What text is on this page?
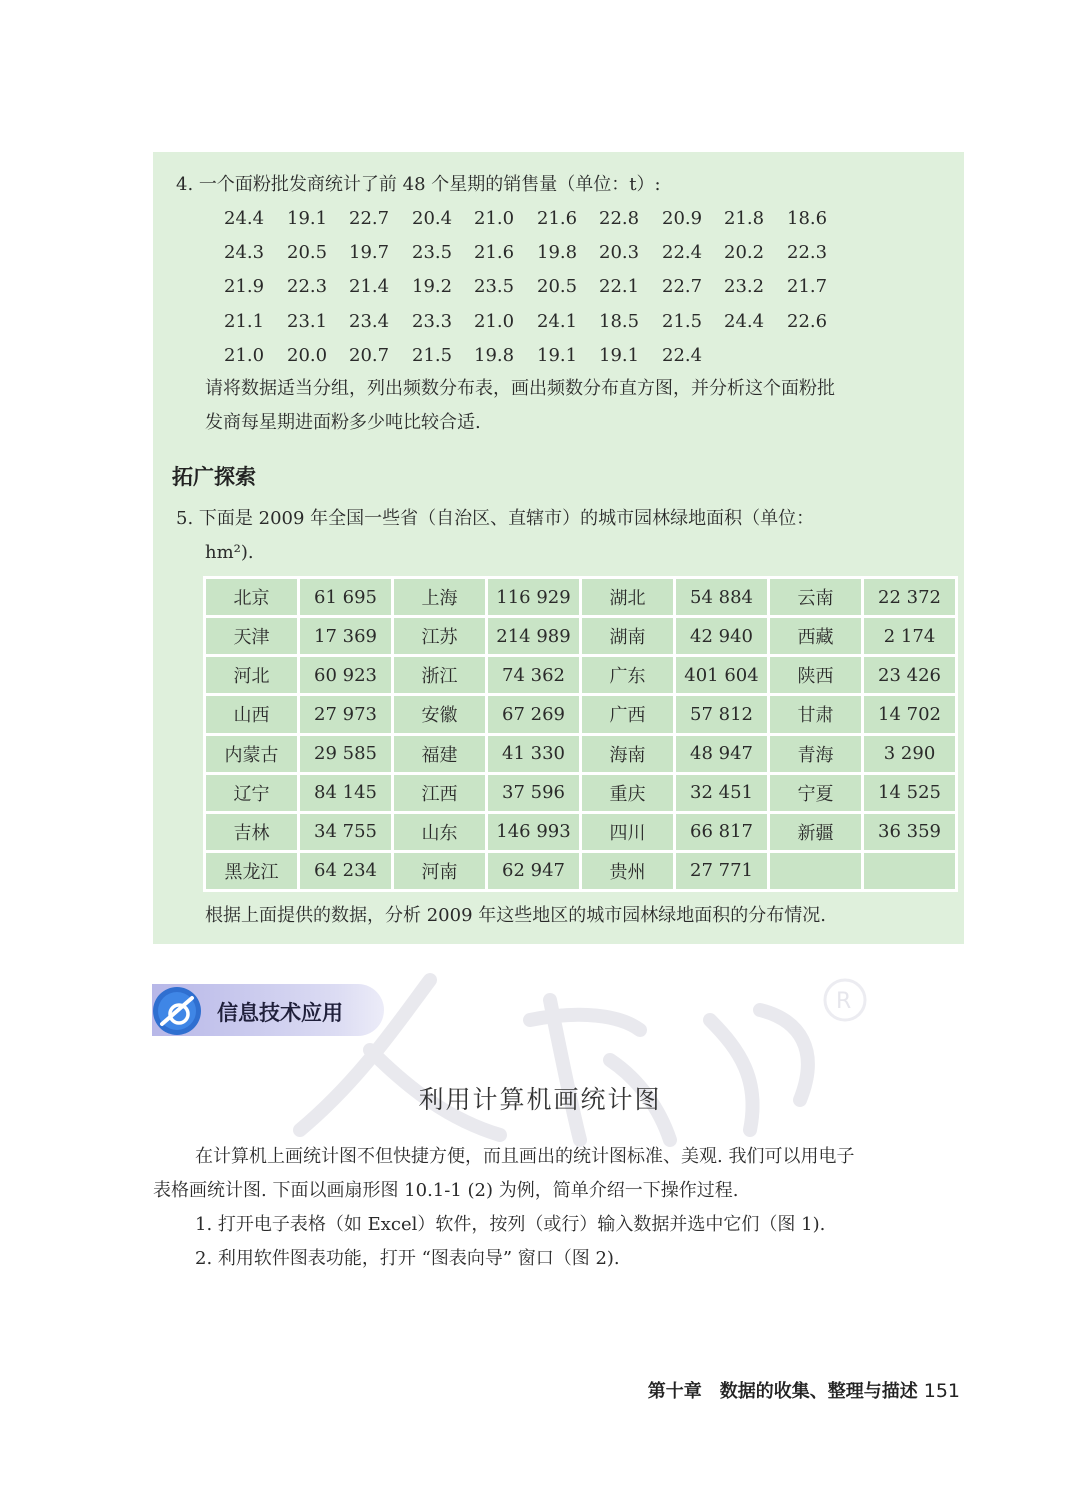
4. 一个面粉批发商统计了前 48 个星期的销售量（单位：t）:
24.4 19.1 22.7 20.4 21.0 21.6 22.8 20.9 21.8 18.6
24.3 20.5 19.7 23.5 21.6 19.8 20.3 22.4 20.2 22.3
21.9 22.3 21.4 19.2 23.5 20.5 22.1 22.7 23.2 21.7
21.1 23.1 23.4 23.3 21.0 24.1 18.5 21.5 24.4 22.6
21.0 20.0 20.7 21.5 19.8 19.1 19.1 22.4
请将数据适当分组，列出频数分布表，画出频数分布直方图，并分析这个面粉批
发商每星期进面粉多少吨比较合适.
拓广探索
5. 下面是 2009 年全国一些省（自治区、直辖市）的城市园林绿地面积（单位：
hm²).
北京	61 695	上海	116 929	湖北	54 884	云南	22 372
天津	17 369	江苏	214 989	湖南	42 940	西藏	2 174
河北	60 923	浙江	74 362	广东	401 604	陕西	23 426
山西	27 973	安徽	67 269	广西	57 812	甘肃	14 702
内蒙古	29 585	福建	41 330	海南	48 947	青海	3 290
辽宁	84 145	江西	37 596	重庆	32 451	宁夏	14 525
吉林	34 755	山东	146 993	四川	66 817	新疆	36 359
黑龙江	64 234	河南	62 947	贵州	27 771		
根据上面提供的数据，分析 2009 年这些地区的城市园林绿地面积的分布情况.
R
信息技术应用
利用计算机画统计图
在计算机上画统计图不但快捷方便，而且画出的统计图标准、美观. 我们可以用电子
表格画统计图. 下面以画扇形图 10.1-1 (2) 为例，简单介绍一下操作过程.
1. 打开电子表格（如 Excel）软件，按列（或行）输入数据并选中它们（图 1).
2. 利用软件图表功能，打开 “图表向导” 窗口（图 2).
第十章　数据的收集、整理与描述 151
